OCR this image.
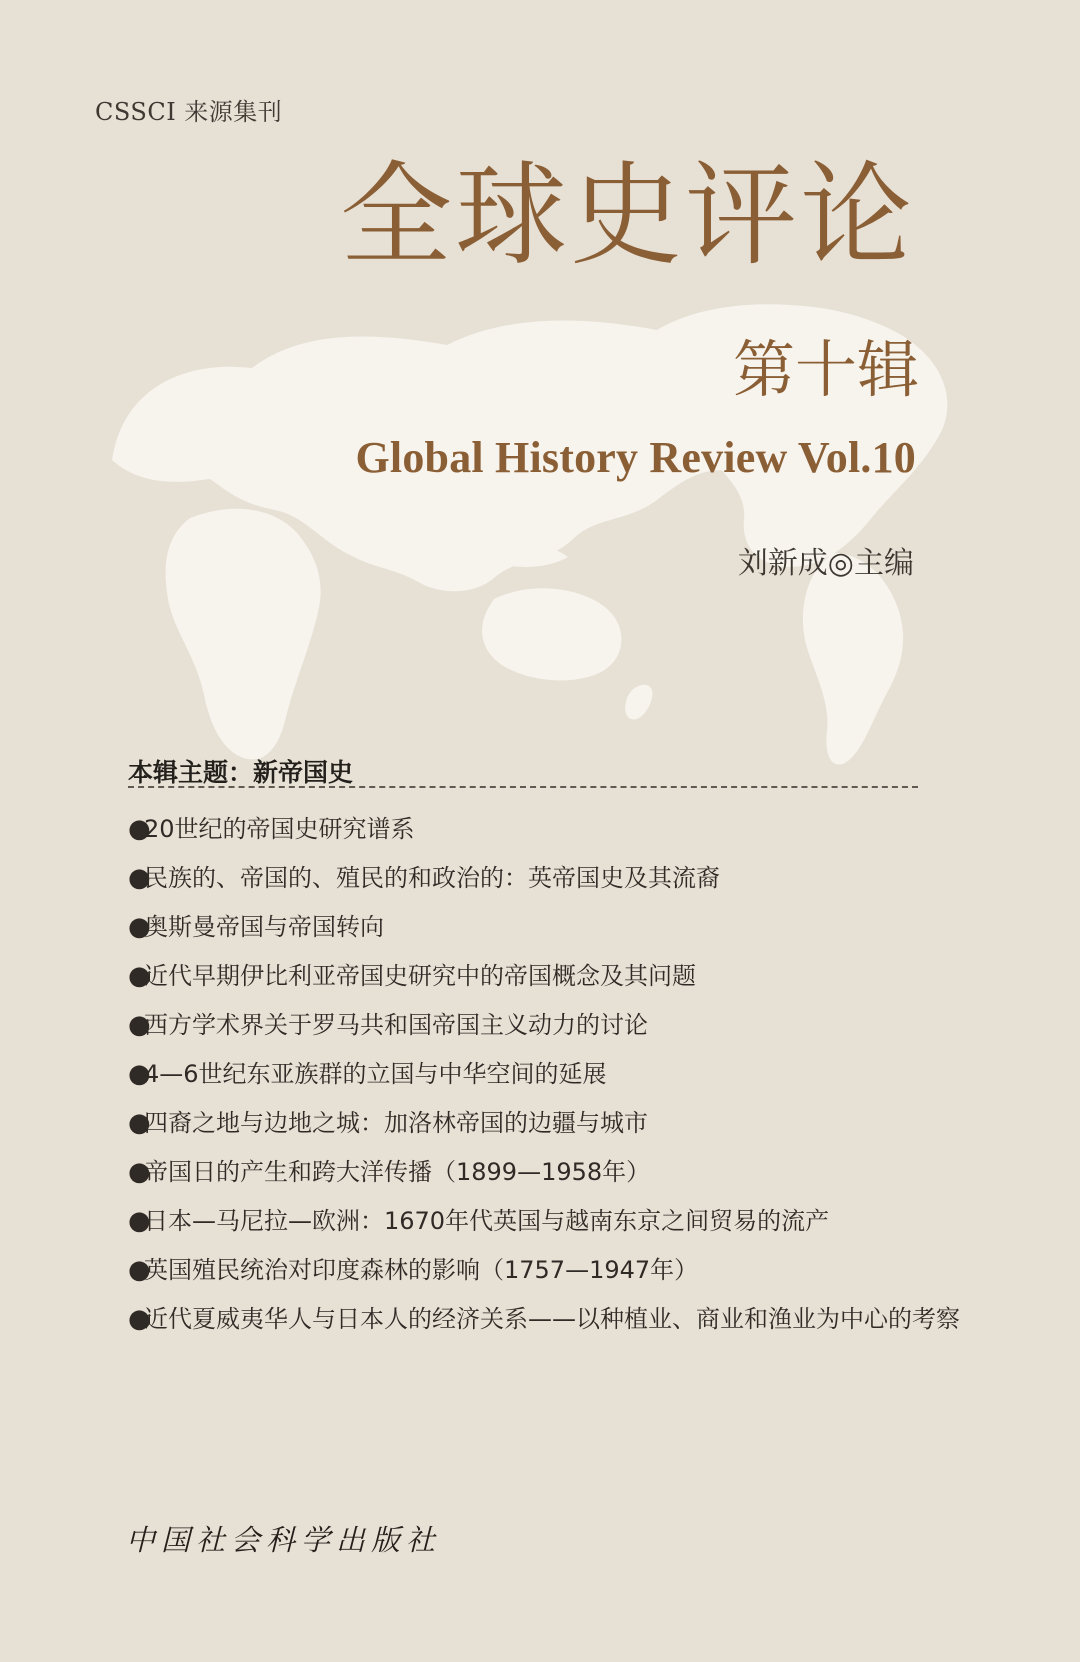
CSSCI 来源集刊
全球史评论
第十辑
Global History Review Vol.10
刘新成◎主编
本辑主题：新帝国史
●
20世纪的帝国史研究谱系
●
民族的、帝国的、殖民的和政治的：英帝国史及其流裔
●
奥斯曼帝国与帝国转向
●
近代早期伊比利亚帝国史研究中的帝国概念及其问题
●
西方学术界关于罗马共和国帝国主义动力的讨论
●
4—6世纪东亚族群的立国与中华空间的延展
●
四裔之地与边地之城：加洛林帝国的边疆与城市
●
帝国日的产生和跨大洋传播（1899—1958年）
●
日本—马尼拉—欧洲：1670年代英国与越南东京之间贸易的流产
●
英国殖民统治对印度森林的影响（1757—1947年）
●
近代夏威夷华人与日本人的经济关系——以种植业、商业和渔业为中心的考察
中国社会科学出版社
